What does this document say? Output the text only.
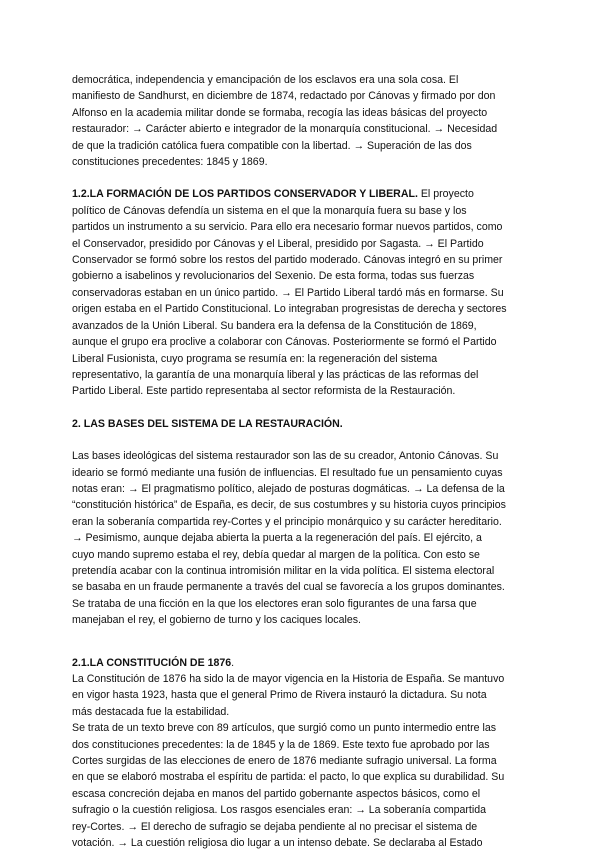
democrática, independencia y emancipación de los esclavos era una sola cosa. El
manifiesto de Sandhurst, en diciembre de 1874, redactado por Cánovas y firmado por don
Alfonso en la academia militar donde se formaba, recogía las ideas básicas del proyecto
restaurador: → Carácter abierto e integrador de la monarquía constitucional. → Necesidad
de que la tradición católica fuera compatible con la libertad. → Superación de las dos
constituciones precedentes: 1845 y 1869.
1.2.LA FORMACIÓN DE LOS PARTIDOS CONSERVADOR Y LIBERAL. El proyecto
político de Cánovas defendía un sistema en el que la monarquía fuera su base y los
partidos un instrumento a su servicio. Para ello era necesario formar nuevos partidos, como
el Conservador, presidido por Cánovas y el Liberal, presidido por Sagasta. → El Partido
Conservador se formó sobre los restos del partido moderado. Cánovas integró en su primer
gobierno a isabelinos y revolucionarios del Sexenio. De esta forma, todas sus fuerzas
conservadoras estaban en un único partido. → El Partido Liberal tardó más en formarse. Su
origen estaba en el Partido Constitucional. Lo integraban progresistas de derecha y sectores
avanzados de la Unión Liberal. Su bandera era la defensa de la Constitución de 1869,
aunque el grupo era proclive a colaborar con Cánovas. Posteriormente se formó el Partido
Liberal Fusionista, cuyo programa se resumía en: la regeneración del sistema
representativo, la garantía de una monarquía liberal y las prácticas de las reformas del
Partido Liberal. Este partido representaba al sector reformista de la Restauración.
2. LAS BASES DEL SISTEMA DE LA RESTAURACIÓN.
Las bases ideológicas del sistema restaurador son las de su creador, Antonio Cánovas. Su
ideario se formó mediante una fusión de influencias. El resultado fue un pensamiento cuyas
notas eran: → El pragmatismo político, alejado de posturas dogmáticas. → La defensa de la
“constitución histórica” de España, es decir, de sus costumbres y su historia cuyos principios
eran la soberanía compartida rey-Cortes y el principio monárquico y su carácter hereditario.
→ Pesimismo, aunque dejaba abierta la puerta a la regeneración del país. El ejército, a
cuyo mando supremo estaba el rey, debía quedar al margen de la política. Con esto se
pretendía acabar con la continua intromisión militar en la vida política. El sistema electoral
se basaba en un fraude permanente a través del cual se favorecía a los grupos dominantes.
Se trataba de una ficción en la que los electores eran solo figurantes de una farsa que
manejaban el rey, el gobierno de turno y los caciques locales.
2.1.LA CONSTITUCIÓN DE 1876.
La Constitución de 1876 ha sido la de mayor vigencia en la Historia de España. Se mantuvo
en vigor hasta 1923, hasta que el general Primo de Rivera instauró la dictadura. Su nota
más destacada fue la estabilidad.
Se trata de un texto breve con 89 artículos, que surgió como un punto intermedio entre las
dos constituciones precedentes: la de 1845 y la de 1869. Este texto fue aprobado por las
Cortes surgidas de las elecciones de enero de 1876 mediante sufragio universal. La forma
en que se elaboró mostraba el espíritu de partida: el pacto, lo que explica su durabilidad. Su
escasa concreción dejaba en manos del partido gobernante aspectos básicos, como el
sufragio o la cuestión religiosa. Los rasgos esenciales eran: → La soberanía compartida
rey-Cortes. → El derecho de sufragio se dejaba pendiente al no precisar el sistema de
votación. → La cuestión religiosa dio lugar a un intenso debate. Se declaraba al Estado
